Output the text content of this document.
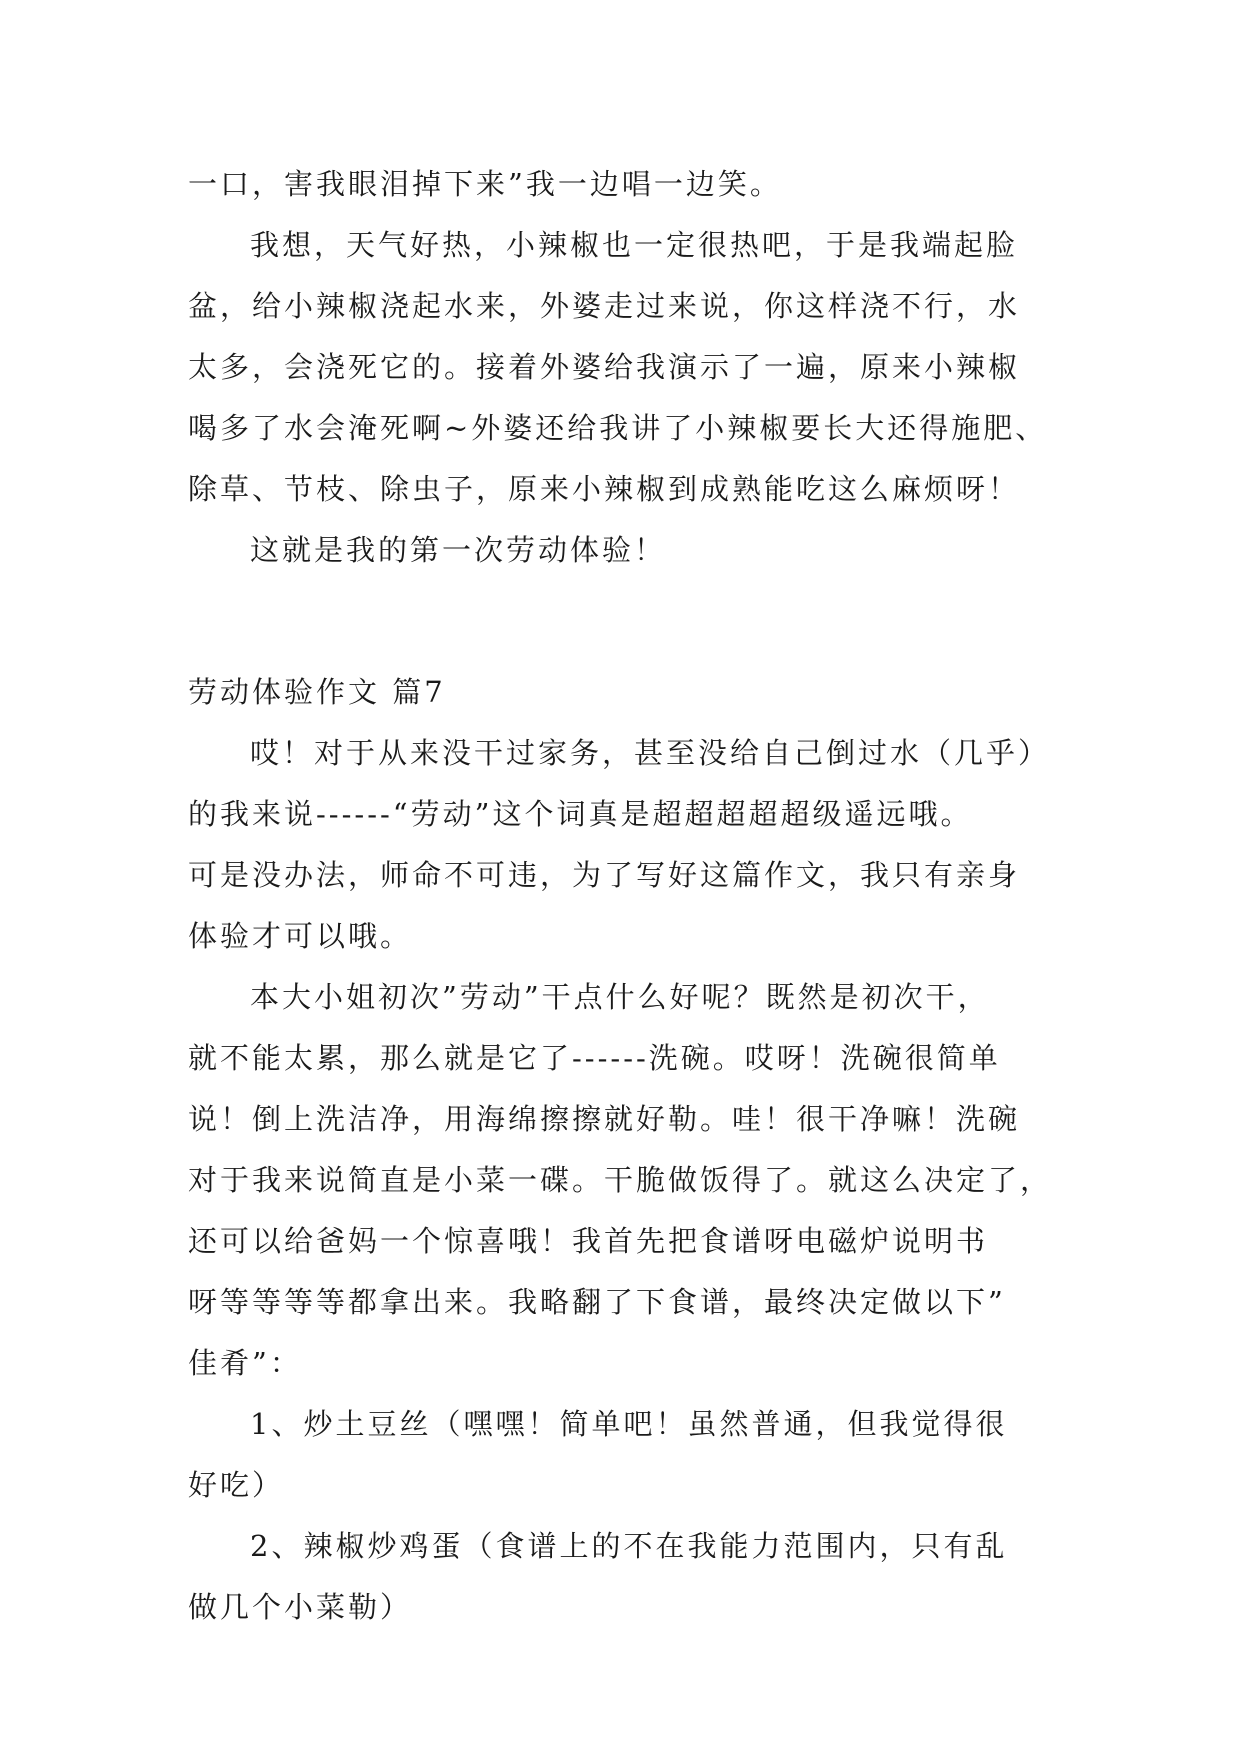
一口，害我眼泪掉下来”我一边唱一边笑。
我想，天气好热，小辣椒也一定很热吧，于是我端起脸
盆，给小辣椒浇起水来，外婆走过来说，你这样浇不行，水
太多，会浇死它的。接着外婆给我演示了一遍，原来小辣椒
喝多了水会淹死啊~外婆还给我讲了小辣椒要长大还得施肥、
除草、节枝、除虫子，原来小辣椒到成熟能吃这么麻烦呀！
这就是我的第一次劳动体验！
劳动体验作文 篇7
哎！对于从来没干过家务，甚至没给自己倒过水（几乎）
的我来说------“劳动”这个词真是超超超超超级遥远哦。
可是没办法，师命不可违，为了写好这篇作文，我只有亲身
体验才可以哦。
本大小姐初次”劳动”干点什么好呢？既然是初次干，
就不能太累，那么就是它了------洗碗。哎呀！洗碗很简单
说！倒上洗洁净，用海绵擦擦就好勒。哇！很干净嘛！洗碗
对于我来说简直是小菜一碟。干脆做饭得了。就这么决定了，
还可以给爸妈一个惊喜哦！我首先把食谱呀电磁炉说明书
呀等等等等都拿出来。我略翻了下食谱，最终决定做以下”
佳肴”：
1、炒土豆丝（嘿嘿！简单吧！虽然普通，但我觉得很
好吃）
2、辣椒炒鸡蛋（食谱上的不在我能力范围内，只有乱
做几个小菜勒）
